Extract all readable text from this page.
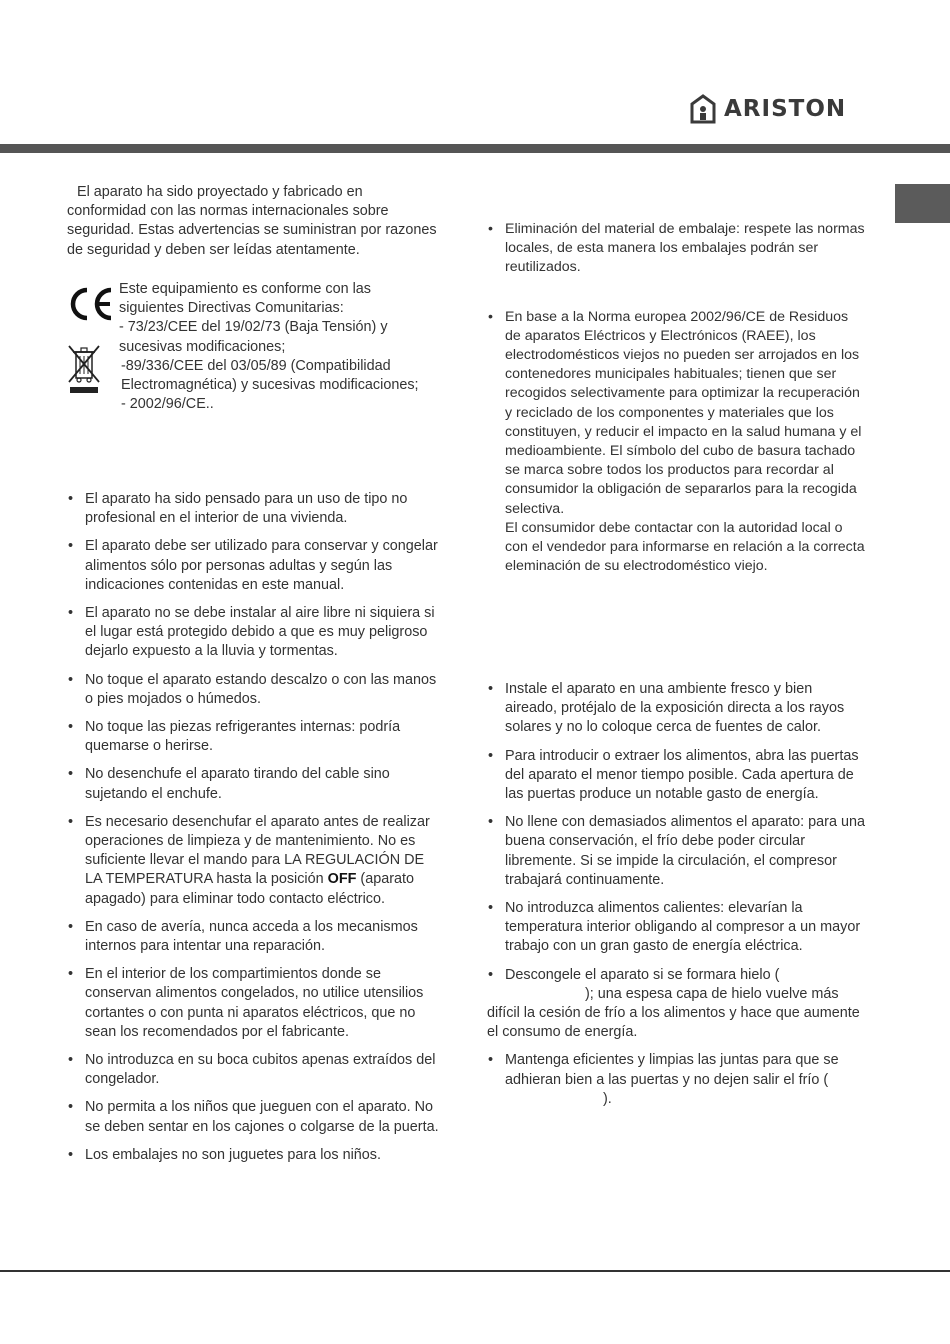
ARISTON
El aparato ha sido proyectado y fabricado en conformidad con las normas internacionales sobre seguridad. Estas advertencias se suministran por razones de seguridad y deben ser leídas atentamente.
Este equipamiento es conforme con las
siguientes Directivas Comunitarias:
- 73/23/CEE del 19/02/73 (Baja Tensión) y
sucesivas modificaciones;
-89/336/CEE del 03/05/89 (Compatibilidad
Electromagnética) y sucesivas modificaciones;
- 2002/96/CE..
• El aparato ha sido pensado para un uso de tipo no profesional en el interior de una vivienda.
• El aparato debe ser utilizado para conservar y congelar alimentos sólo por personas adultas y según las indicaciones contenidas en este manual.
• El aparato no se debe instalar al aire libre ni siquiera si el lugar está protegido debido a que es muy peligroso dejarlo expuesto a la lluvia y tormentas.
• No toque el aparato estando descalzo o con las manos o pies mojados o húmedos.
• No toque las piezas refrigerantes internas: podría quemarse o herirse.
• No desenchufe el aparato tirando del cable sino sujetando el enchufe.
• Es necesario desenchufar el aparato antes de realizar operaciones de limpieza y de mantenimiento. No es suficiente llevar el mando para LA REGULACIÓN DE LA TEMPERATURA hasta la posición OFF (aparato apagado) para eliminar todo contacto eléctrico.
• En caso de avería, nunca acceda a los mecanismos internos para intentar una reparación.
• En el interior de los compartimientos donde se conservan alimentos congelados, no utilice utensilios cortantes o con punta ni aparatos eléctricos, que no sean los recomendados por el fabricante.
• No introduzca en su boca cubitos apenas extraídos del congelador.
• No permita a los niños que jueguen con el aparato. No se deben sentar en los cajones o colgarse de la puerta.
• Los embalajes no son juguetes para los niños.
• Eliminación del material de embalaje: respete las normas locales, de esta manera los embalajes podrán ser reutilizados.
• En base a la Norma europea 2002/96/CE de Residuos de aparatos Eléctricos y Electrónicos (RAEE), los electrodomésticos viejos no pueden ser arrojados en los contenedores municipales habituales; tienen que ser recogidos selectivamente para optimizar la recuperación y reciclado de los componentes y materiales que los constituyen, y reducir el impacto en la salud humana y el medioambiente. El símbolo del cubo de basura tachado se marca sobre todos los productos para recordar al consumidor la obligación de separarlos para la recogida selectiva.
El consumidor debe contactar con la autoridad local o con el vendedor para informarse en relación a la correcta eleminación de su electrodoméstico viejo.
• Instale el aparato en una ambiente fresco y bien aireado, protéjalo de la exposición directa a los rayos solares y no lo coloque cerca de fuentes de calor.
• Para introducir o extraer los alimentos, abra las puertas del aparato el menor tiempo posible. Cada apertura de las puertas produce un notable gasto de energía.
• No llene con demasiados alimentos el aparato: para una buena conservación, el frío debe poder circular libremente. Si se impide la circulación, el compresor trabajará continuamente.
• No introduzca alimentos calientes: elevarían la temperatura interior obligando al compresor a un mayor trabajo con un gran gasto de energía eléctrica.
• Descongele el aparato si se formara hielo (
); una espesa capa de hielo vuelve más difícil la cesión de frío a los alimentos y hace que aumente el consumo de energía.
• Mantenga eficientes y limpias las juntas para que se adhieran bien a las puertas y no dejen salir el frío (
).
